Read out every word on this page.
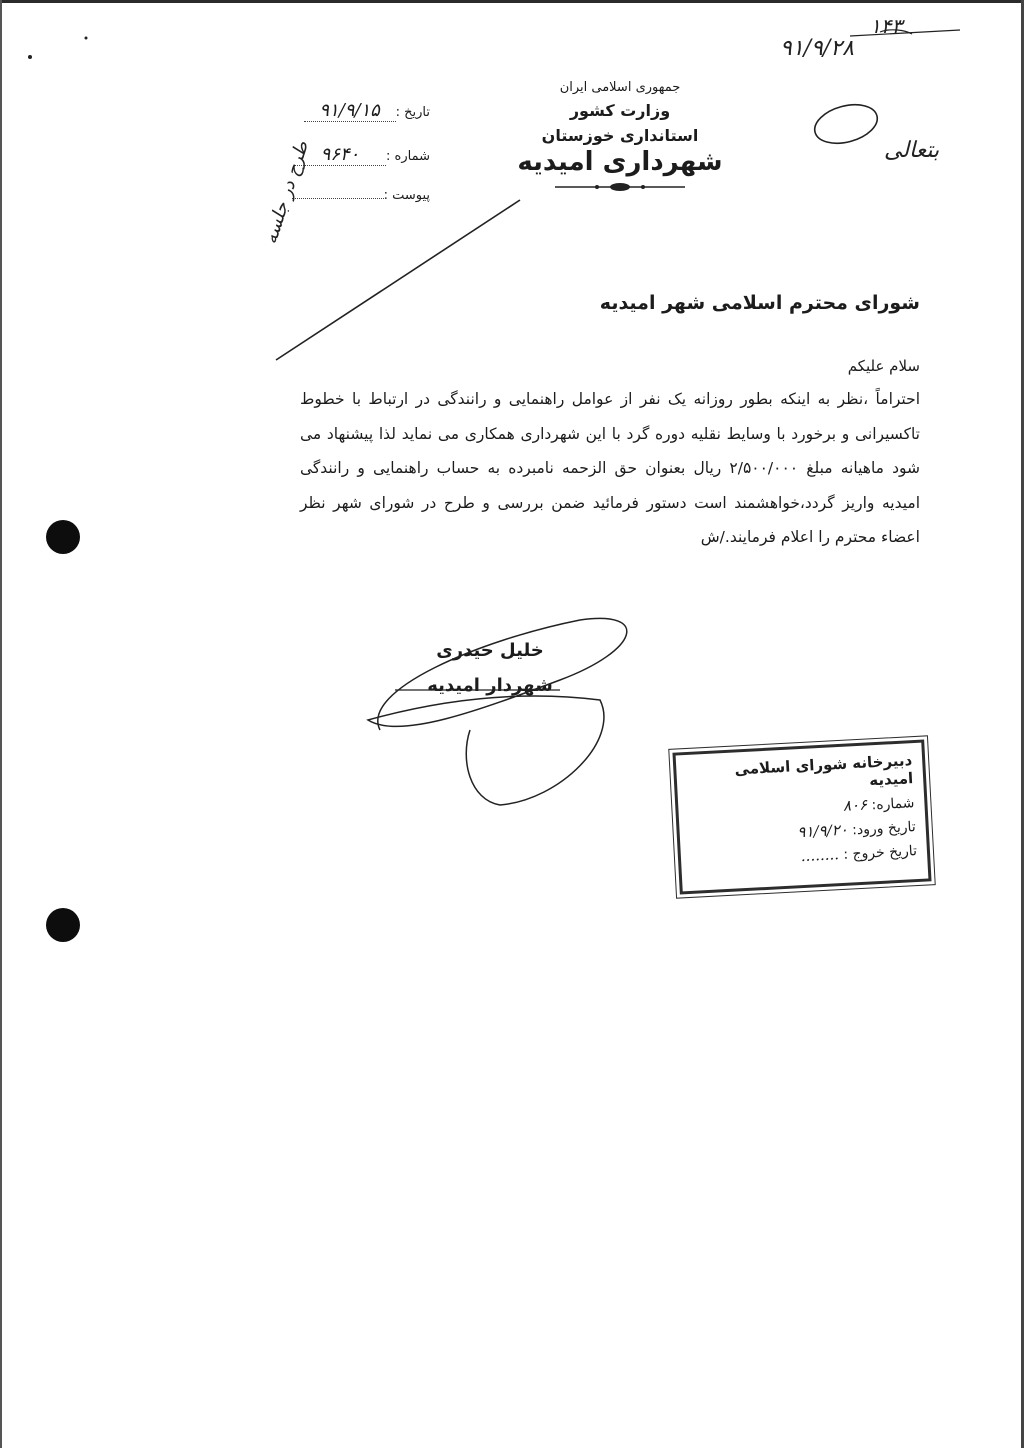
جمهوری اسلامی ایران
وزارت کشور
استانداری خوزستان
شهرداری امیدیه
تاریخ :
۹۱/۹/۱۵
شماره :
۹۶۴۰
پیوست :
۱۴۳
۹۱/۹/۲۸
بتعالی
طرح در جلسه
شورای محترم اسلامی شهر امیدیه
سلام علیکم
احتراماً ،نظر به اینکه بطور روزانه یک نفر از عوامل راهنمایی و رانندگی در ارتباط با خطوط تاکسیرانی و برخورد با وسایط نقلیه دوره گرد با این شهرداری همکاری می نماید لذا پیشنهاد می شود ماهیانه مبلغ ۲/۵۰۰/۰۰۰ ریال بعنوان حق الزحمه نامبرده به حساب راهنمایی و رانندگی امیدیه واریز گردد،خواهشمند است دستور فرمائید ضمن بررسی و طرح در شورای شهر نظر اعضاء محترم را اعلام فرمایند./ش
خلیل حیدری
شهردار امیدیه
دبیرخانه شورای اسلامی امیدیه
شماره: ۸۰۶
تاریخ ورود: ۹۱/۹/۲۰
تاریخ خروج : ........
